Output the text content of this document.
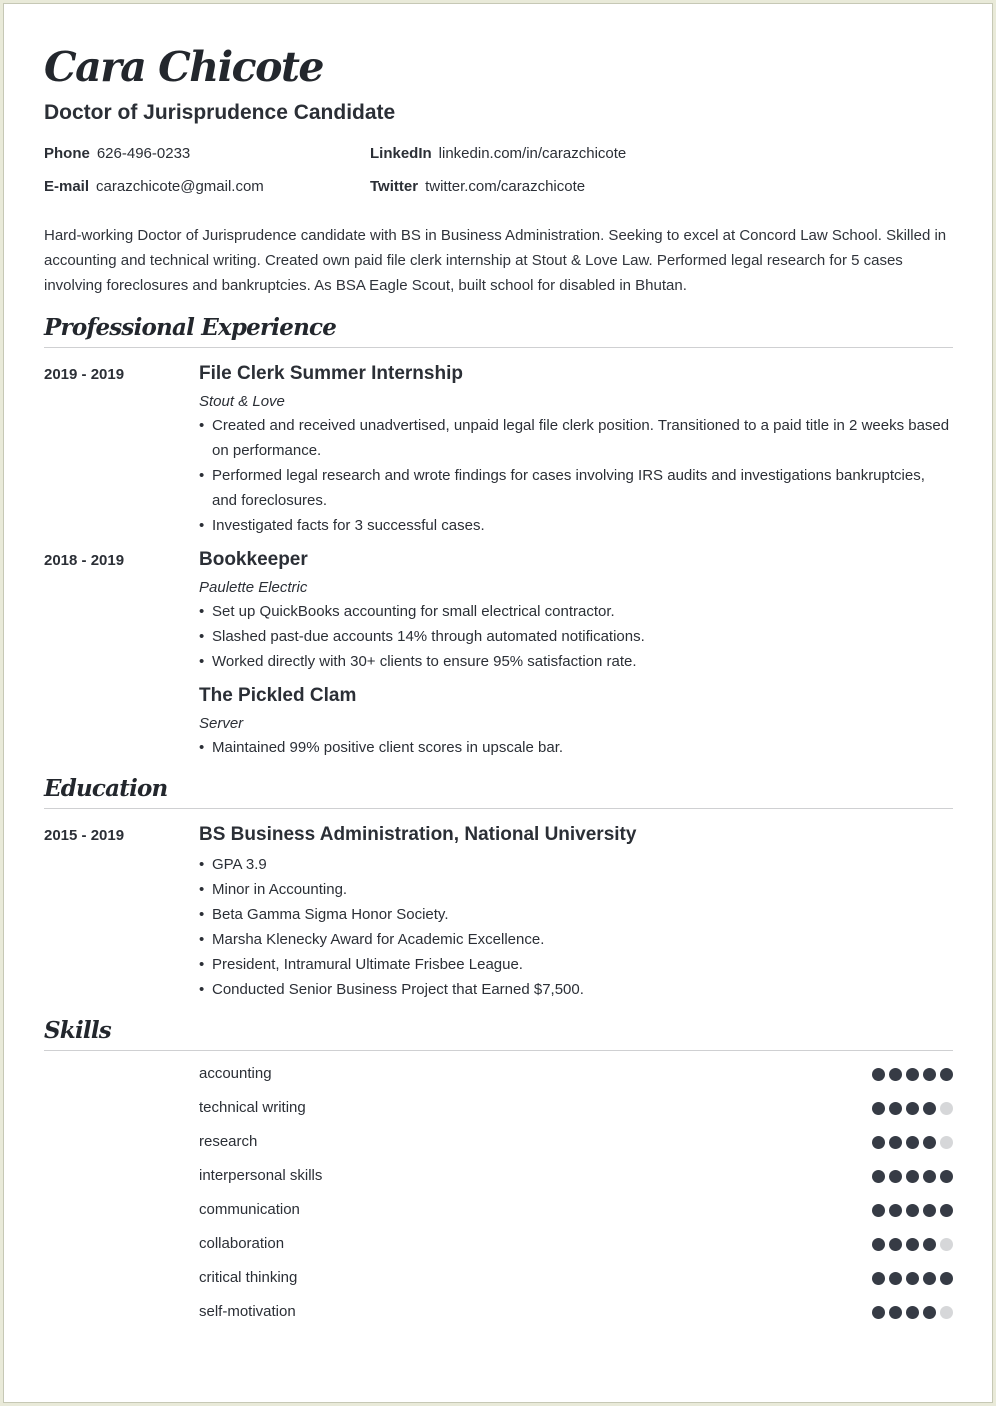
Cara Chicote
Doctor of Jurisprudence Candidate
Phone 626-496-0233	LinkedIn linkedin.com/in/carazchicote
E-mail carazchicote@gmail.com	Twitter twitter.com/carazchicote
Hard-working Doctor of Jurisprudence candidate with BS in Business Administration. Seeking to excel at Concord Law School. Skilled in accounting and technical writing. Created own paid file clerk internship at Stout & Love Law. Performed legal research for 5 cases involving foreclosures and bankruptcies. As BSA Eagle Scout, built school for disabled in Bhutan.
Professional Experience
2019 - 2019	File Clerk Summer Internship
Stout & Love
• Created and received unadvertised, unpaid legal file clerk position. Transitioned to a paid title in 2 weeks based on performance.
• Performed legal research and wrote findings for cases involving IRS audits and investigations bankruptcies, and foreclosures.
• Investigated facts for 3 successful cases.
2018 - 2019	Bookkeeper
Paulette Electric
• Set up QuickBooks accounting for small electrical contractor.
• Slashed past-due accounts 14% through automated notifications.
• Worked directly with 30+ clients to ensure 95% satisfaction rate.
The Pickled Clam
Server
• Maintained 99% positive client scores in upscale bar.
Education
2015 - 2019	BS Business Administration, National University
• GPA 3.9
• Minor in Accounting.
• Beta Gamma Sigma Honor Society.
• Marsha Klenecky Award for Academic Excellence.
• President, Intramural Ultimate Frisbee League.
• Conducted Senior Business Project that Earned $7,500.
Skills
accounting
technical writing
research
interpersonal skills
communication
collaboration
critical thinking
self-motivation
